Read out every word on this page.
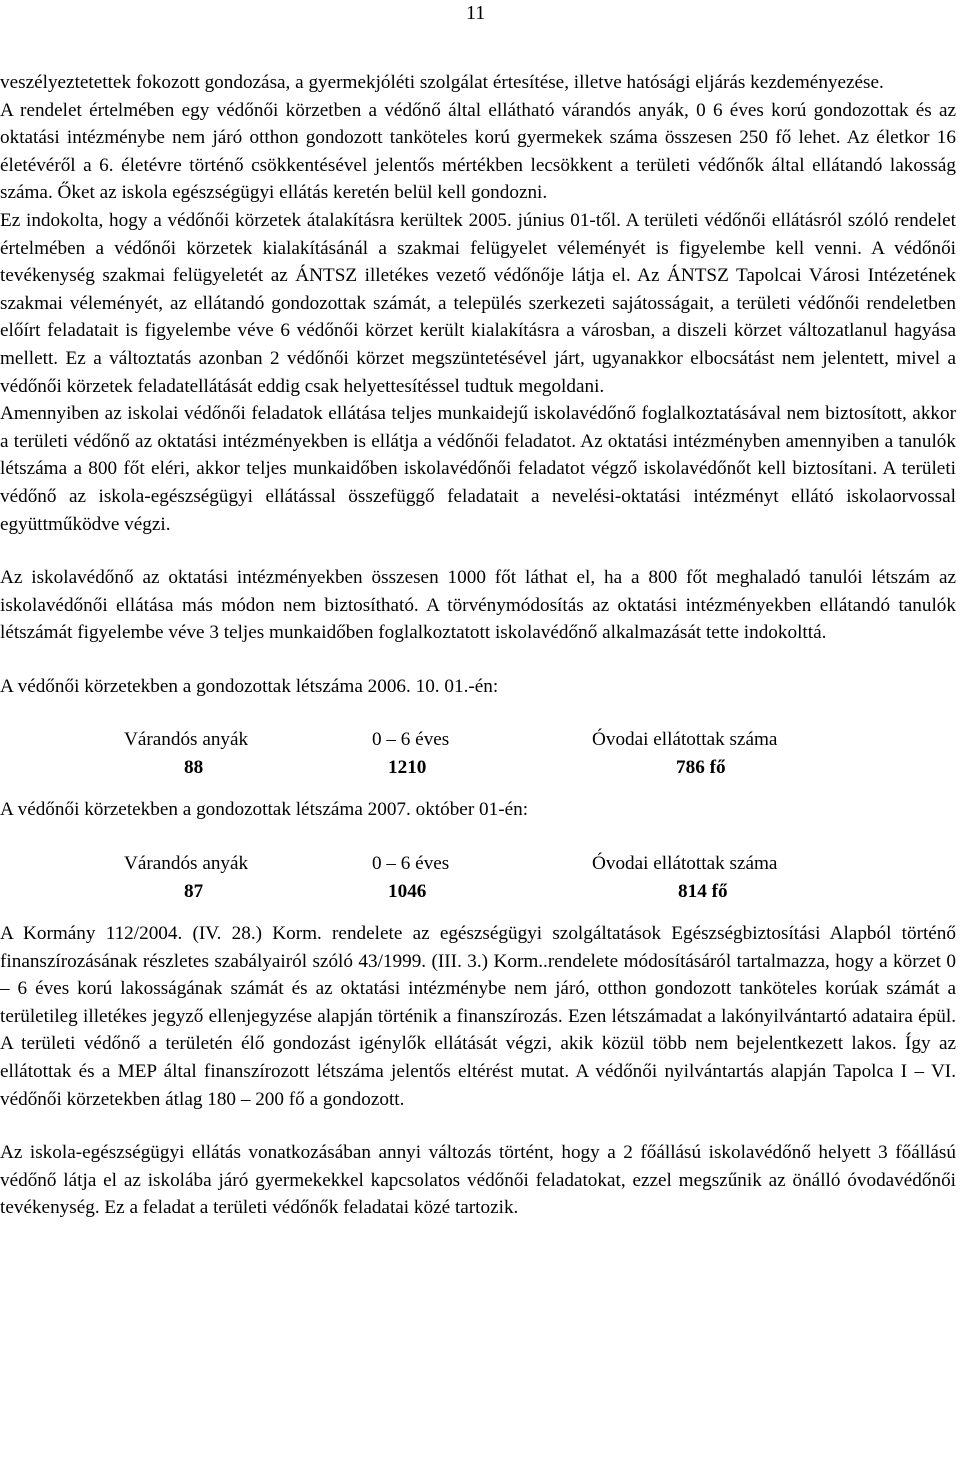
11

veszélyeztetettek fokozott gondozása, a gyermekjóléti szolgálat értesítése, illetve hatósági eljárás kezdeményezése.

A rendelet értelmében egy védőnői körzetben a védőnő által ellátható várandós anyák, 0 6 éves korú gondozottak és az oktatási intézménybe nem járó otthon gondozott tanköteles korú gyermekek száma összesen 250 fő lehet. Az életkor 16 életévéről a 6. életévre történő csökkentésével jelentős mértékben lecsökkent a területi védőnők által ellátandó lakosság száma. Őket az iskola egészségügyi ellátás keretén belül kell gondozni.

Ez indokolta, hogy a védőnői körzetek átalakításra kerültek 2005. június 01-től. A területi védőnői ellátásról szóló rendelet értelmében a védőnői körzetek kialakításánál a szakmai felügyelet véleményét is figyelembe kell venni. A védőnői tevékenység szakmai felügyeletét az ÁNTSZ illetékes vezető védőnője látja el. Az ÁNTSZ Tapolcai Városi Intézetének szakmai véleményét, az ellátandó gondozottak számát, a település szerkezeti sajátosságait, a területi védőnői rendeletben előírt feladatait is figyelembe véve 6 védőnői körzet került kialakításra a városban, a diszeli körzet változatlanul hagyása mellett. Ez a változtatás azonban 2 védőnői körzet megszüntetésével járt, ugyanakkor elbocsátást nem jelentett, mivel a védőnői körzetek feladatellátását eddig csak helyettesítéssel tudtuk megoldani.

Amennyiben az iskolai védőnői feladatok ellátása teljes munkaidejű iskolavédőnő foglalkoztatásával nem biztosított, akkor a területi védőnő az oktatási intézményekben is ellátja a védőnői feladatot. Az oktatási intézményben amennyiben a tanulók létszáma a 800 főt eléri, akkor teljes munkaidőben iskolavédőnői feladatot végző iskolavédőnőt kell biztosítani. A területi védőnő az iskola-egészségügyi ellátással összefüggő feladatait a nevelési-oktatási intézményt ellátó iskolaorvossal együttműködve végzi.

Az iskolavédőnő az oktatási intézményekben összesen 1000 főt láthat el, ha a 800 főt meghaladó tanulói létszám az iskolavédőnői ellátása más módon nem biztosítható. A törvénymódosítás az oktatási intézményekben ellátandó tanulók létszámát figyelembe véve 3 teljes munkaidőben foglalkoztatott iskolavédőnő alkalmazását tette indokolttá.

A védőnői körzetekben a gondozottak létszáma 2006. 10. 01.-én:

Várandós anyák	0 – 6 éves	Óvodai ellátottak száma
88	1210	786 fő

A védőnői körzetekben a gondozottak létszáma 2007. október 01-én:

Várandós anyák	0 – 6 éves	Óvodai ellátottak száma
87	1046	814 fő

A Kormány 112/2004. (IV. 28.) Korm. rendelete az egészségügyi szolgáltatások Egészségbiztosítási Alapból történő finanszírozásának részletes szabályairól szóló 43/1999. (III. 3.) Korm..rendelete módosításáról tartalmazza, hogy a körzet 0 – 6 éves korú lakosságának számát és az oktatási intézménybe nem járó, otthon gondozott tanköteles korúak számát a területileg illetékes jegyző ellenjegyzése alapján történik a finanszírozás. Ezen létszámadat a lakónyilvántartó adataira épül. A területi védőnő a területén élő gondozást igénylők ellátását végzi, akik közül több nem bejelentkezett lakos. Így az ellátottak és a MEP által finanszírozott létszáma jelentős eltérést mutat. A védőnői nyilvántartás alapján Tapolca I – VI. védőnői körzetekben átlag 180 – 200 fő a gondozott.

Az iskola-egészségügyi ellátás vonatkozásában annyi változás történt, hogy a 2 főállású iskolavédőnő helyett 3 főállású védőnő látja el az iskolába járó gyermekekkel kapcsolatos védőnői feladatokat, ezzel megszűnik az önálló óvodavédőnői tevékenység. Ez a feladat a területi védőnők feladatai közé tartozik.
